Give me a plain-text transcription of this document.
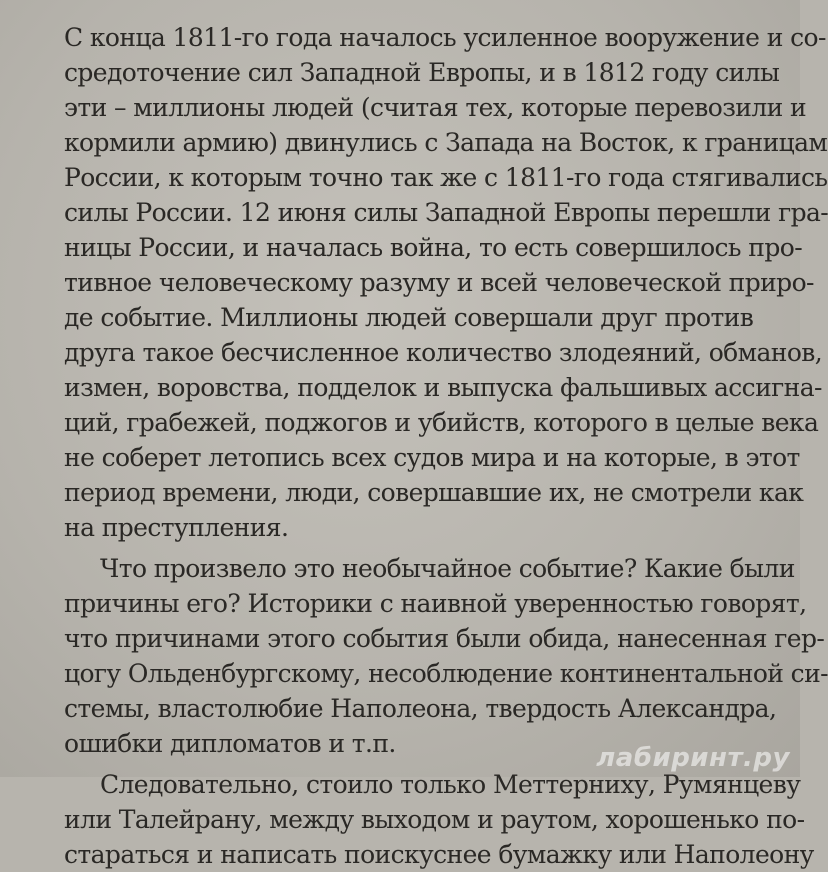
С конца 1811-го года началось усиленное вооружение и со-
средоточение сил Западной Европы, и в 1812 году силы
эти – миллионы людей (считая тех, которые перевозили и
кормили армию) двинулись с Запада на Восток, к границам
России, к которым точно так же с 1811-го года стягивались
силы России. 12 июня силы Западной Европы перешли гра-
ницы России, и началась война, то есть совершилось про-
тивное человеческому разуму и всей человеческой приро-
де событие. Миллионы людей совершали друг против
друга такое бесчисленное количество злодеяний, обманов,
измен, воровства, подделок и выпуска фальшивых ассигна-
ций, грабежей, поджогов и убийств, которого в целые века
не соберет летопись всех судов мира и на которые, в этот
период времени, люди, совершавшие их, не смотрели как
на преступления.
Что произвело это необычайное событие? Какие были
причины его? Историки с наивной уверенностью говорят,
что причинами этого события были обида, нанесенная гер-
цогу Ольденбургскому, несоблюдение континентальной си-
стемы, властолюбие Наполеона, твердость Александра,
ошибки дипломатов и т.п.
Следовательно, стоило только Меттерниху, Румянцеву
или Талейрану, между выходом и раутом, хорошенько по-
стараться и написать поискуснее бумажку или Наполеону
лабиринт.ру
